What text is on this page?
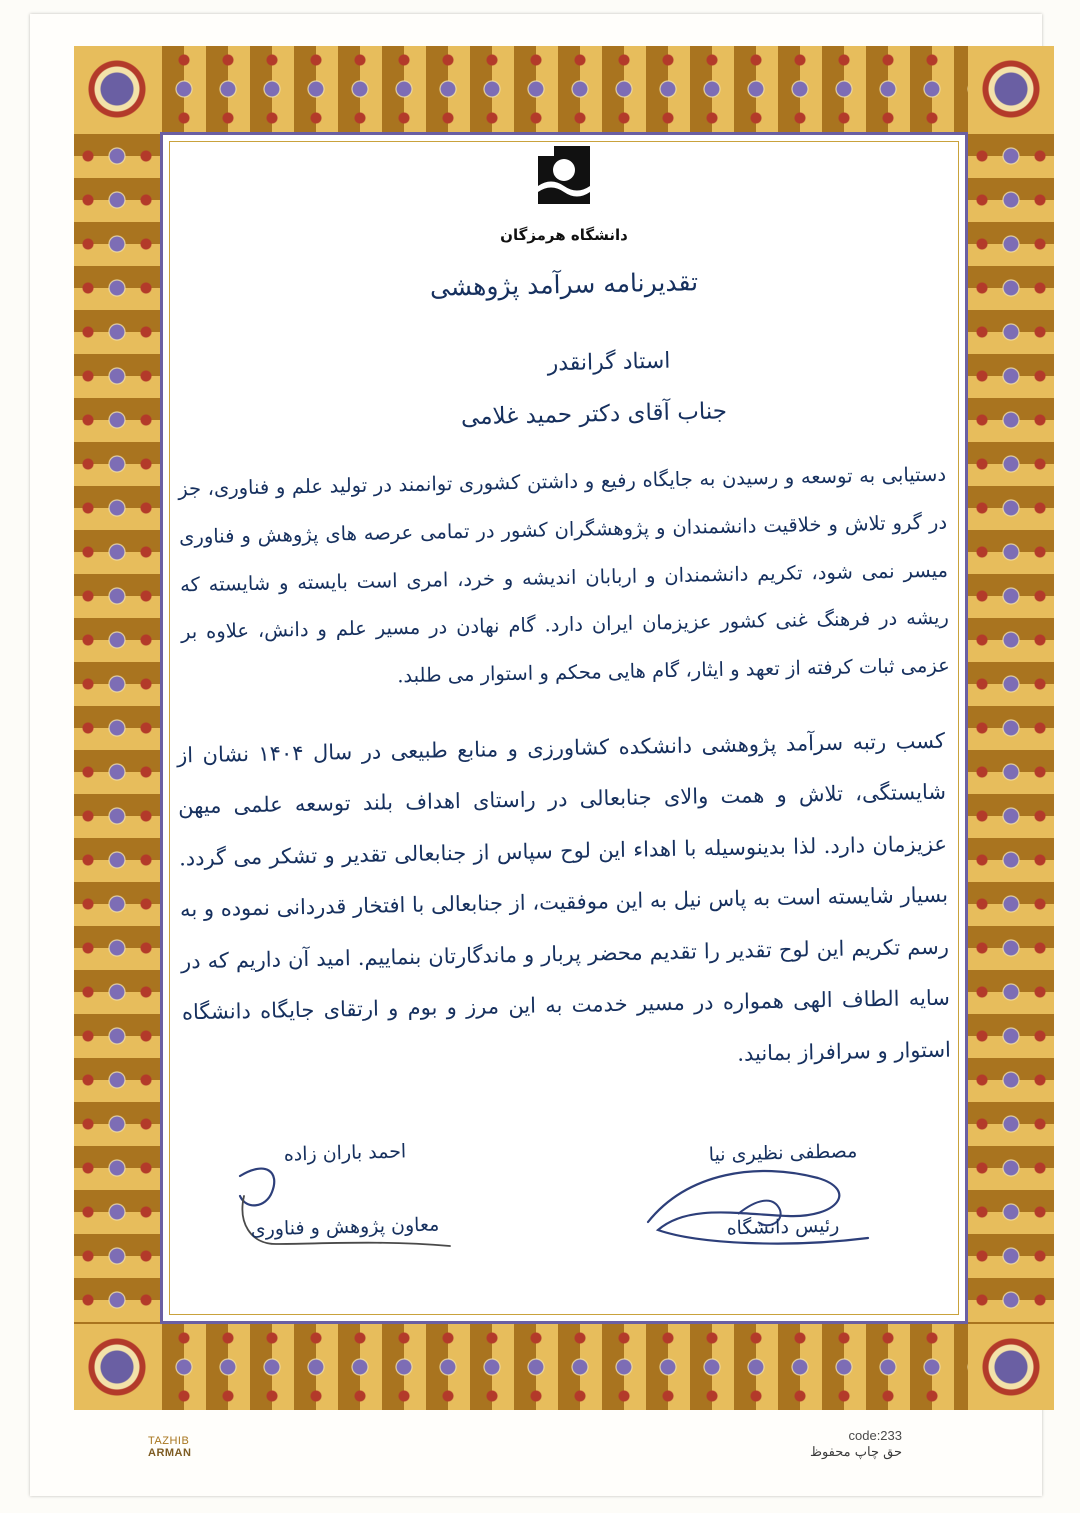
دانشگاه هرمزگان
تقدیرنامه سرآمد پژوهشی
استاد گرانقدر
جناب آقای دکتر حمید غلامی

دستیابی به توسعه و رسیدن به جایگاه رفیع و داشتن کشوری توانمند در تولید علم و فناوری، جز در گرو تلاش و خلاقیت دانشمندان و پژوهشگران کشور در تمامی عرصه های پژوهش و فناوری میسر نمی شود، تکریم دانشمندان و اربابان اندیشه و خرد، امری است بایسته و شایسته که ریشه در فرهنگ غنی کشور عزیزمان ایران دارد. گام نهادن در مسیر علم و دانش، علاوه بر عزمی ثبات کرفته از تعهد و ایثار، گام هایی محکم و استوار می طلبد.

کسب رتبه سرآمد پژوهشی دانشکده کشاورزی و منابع طبیعی در سال ۱۴۰۴ نشان از شایستگی، تلاش و همت والای جنابعالی در راستای اهداف بلند توسعه علمی میهن عزیزمان دارد. لذا بدینوسیله با اهداء این لوح سپاس از جنابعالی تقدیر و تشکر می گردد. بسیار شایسته است به پاس نیل به این موفقیت، از جنابعالی با افتخار قدردانی نموده و به رسم تکریم این لوح تقدیر را تقدیم محضر پربار و ماندگارتان بنماییم. امید آن داریم که در سایه الطاف الهی همواره در مسیر خدمت به این مرز و بوم و ارتقای جایگاه دانشگاه استوار و سرافراز بمانید.

مصطفی نظیری نیا
رئیس دانشگاه
احمد باران زاده
معاون پژوهش و فناوری
TAZHIB
ARMAN
code:233
حق چاپ محفوظ
